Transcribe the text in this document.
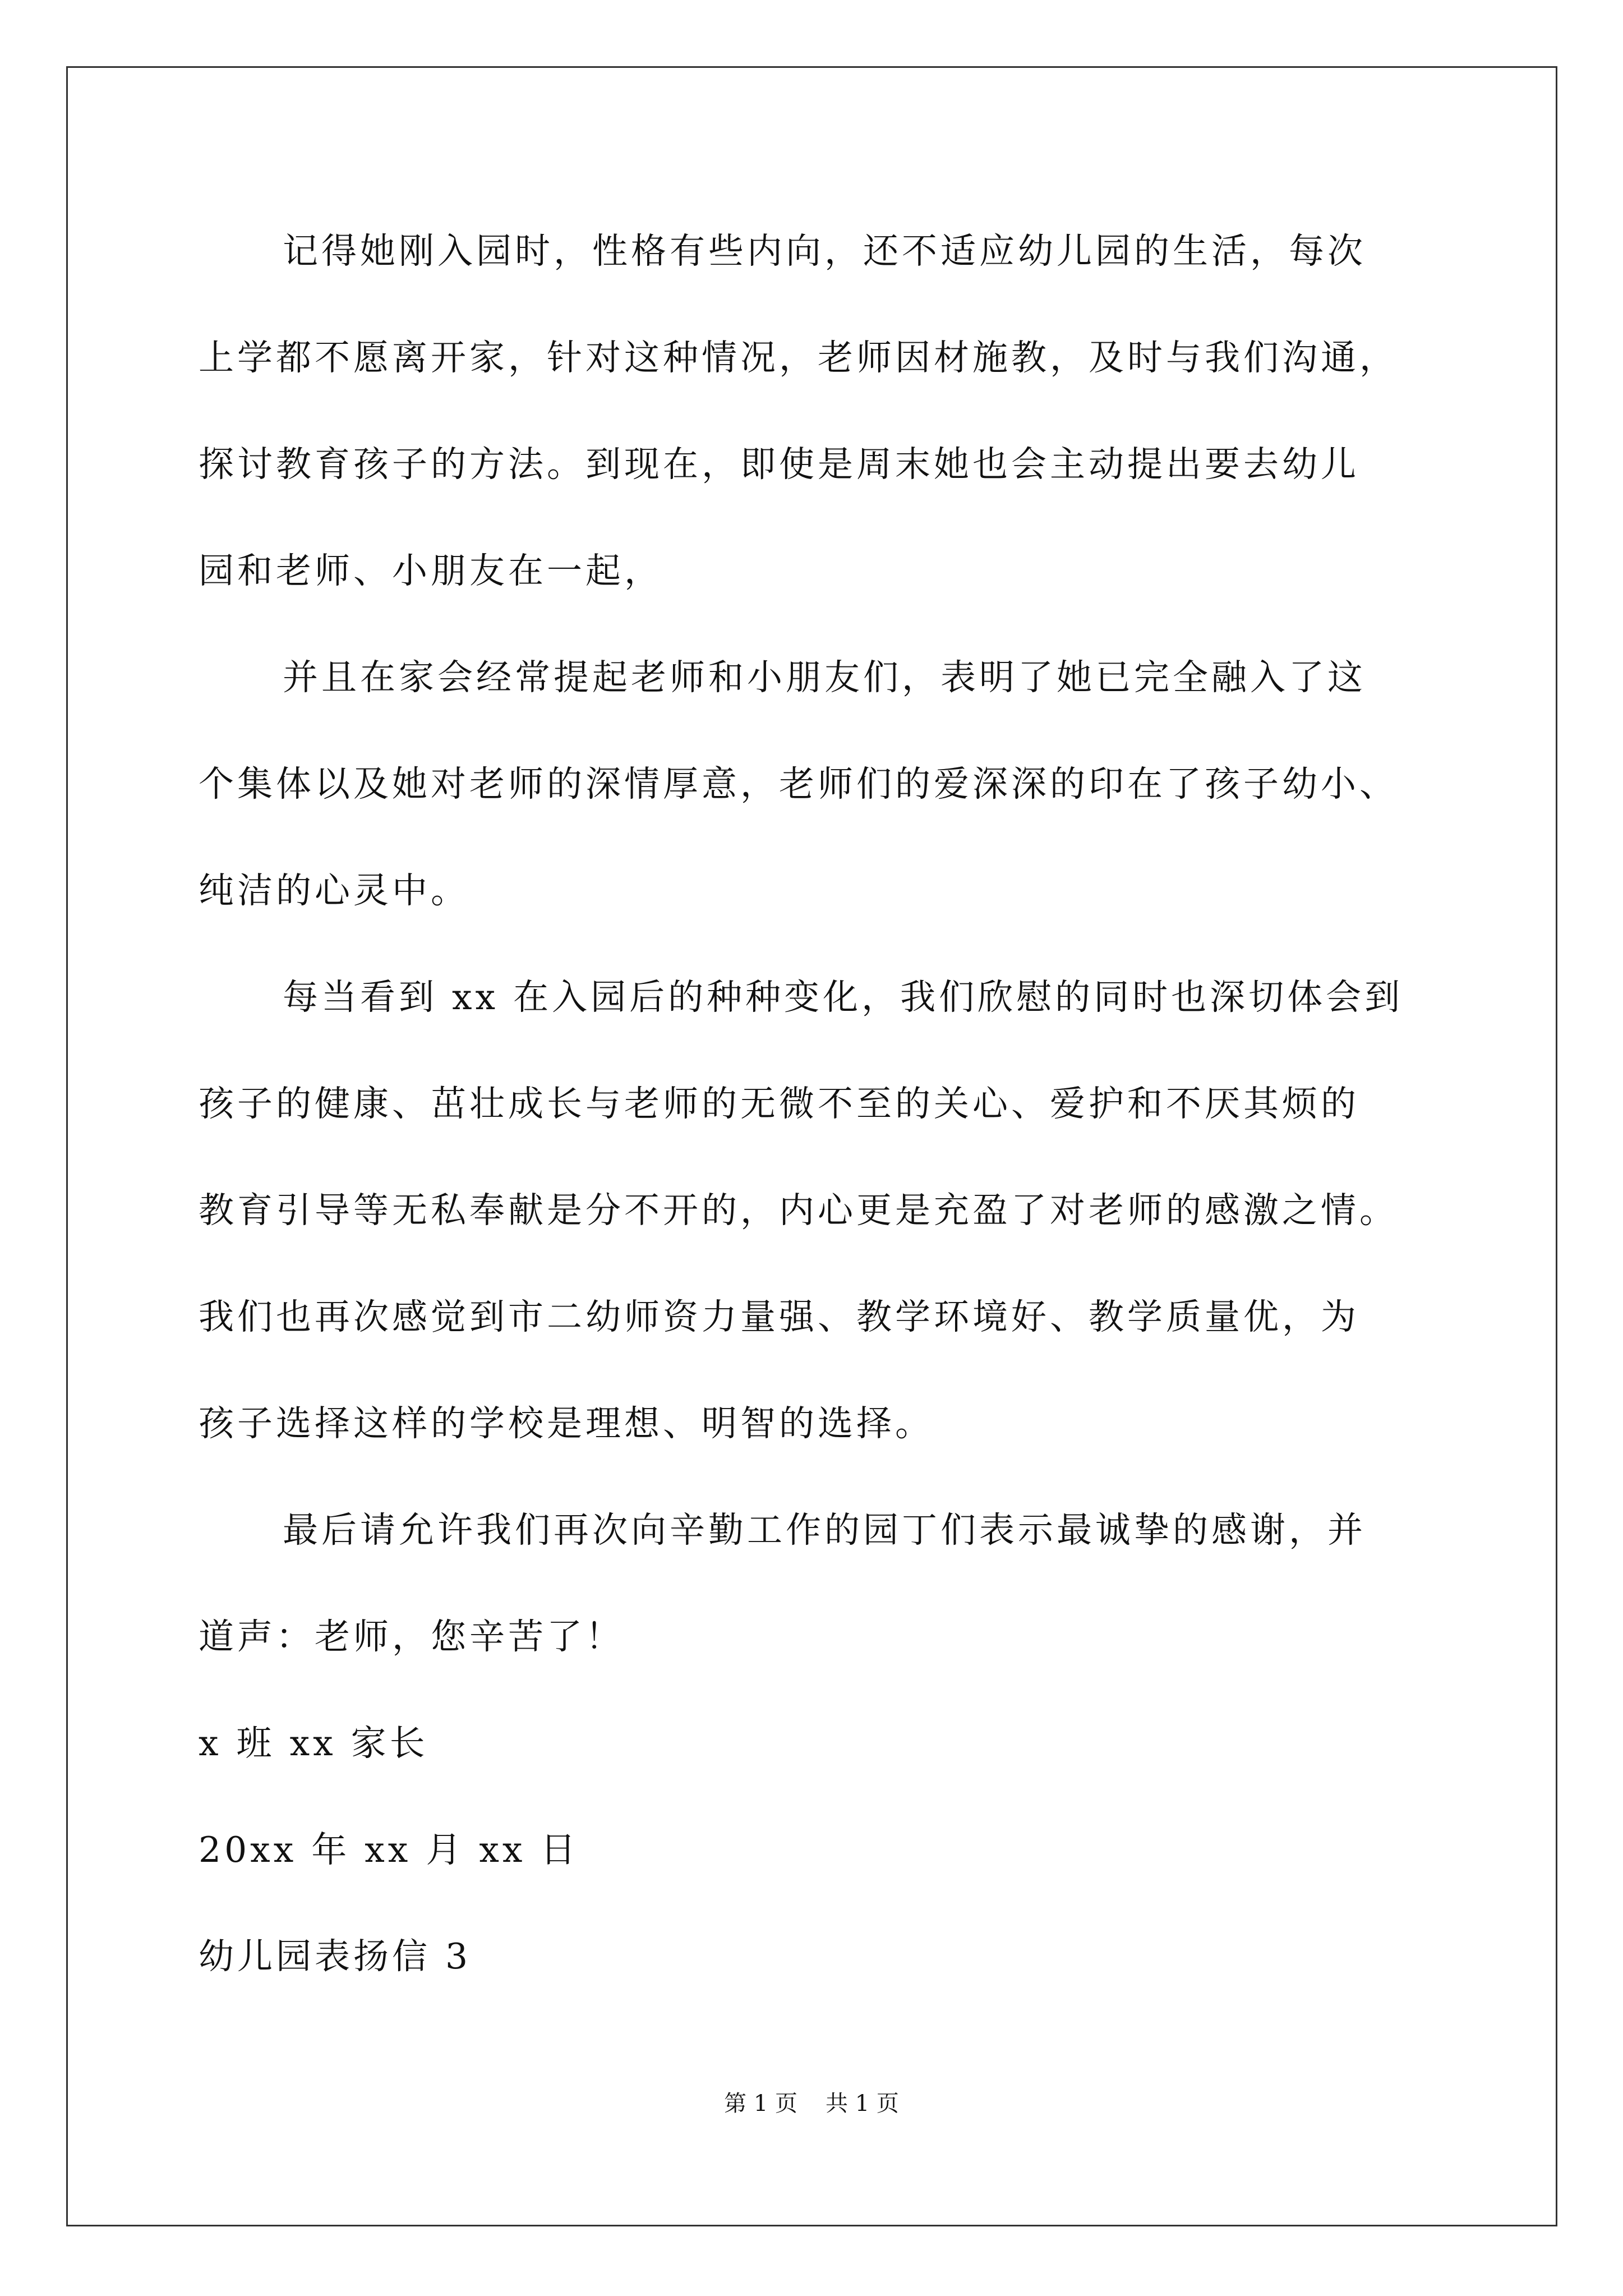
记得她刚入园时，性格有些内向，还不适应幼儿园的生活，每次
上学都不愿离开家，针对这种情况，老师因材施教，及时与我们沟通，
探讨教育孩子的方法。到现在，即使是周末她也会主动提出要去幼儿
园和老师、小朋友在一起，
并且在家会经常提起老师和小朋友们，表明了她已完全融入了这
个集体以及她对老师的深情厚意，老师们的爱深深的印在了孩子幼小、
纯洁的心灵中。
每当看到 xx 在入园后的种种变化，我们欣慰的同时也深切体会到
孩子的健康、茁壮成长与老师的无微不至的关心、爱护和不厌其烦的
教育引导等无私奉献是分不开的，内心更是充盈了对老师的感激之情。
我们也再次感觉到市二幼师资力量强、教学环境好、教学质量优，为
孩子选择这样的学校是理想、明智的选择。
最后请允许我们再次向辛勤工作的园丁们表示最诚挚的感谢，并
道声：老师，您辛苦了！
x 班 xx 家长
20xx 年 xx 月 xx 日
幼儿园表扬信 3
第 1 页 共 1 页
